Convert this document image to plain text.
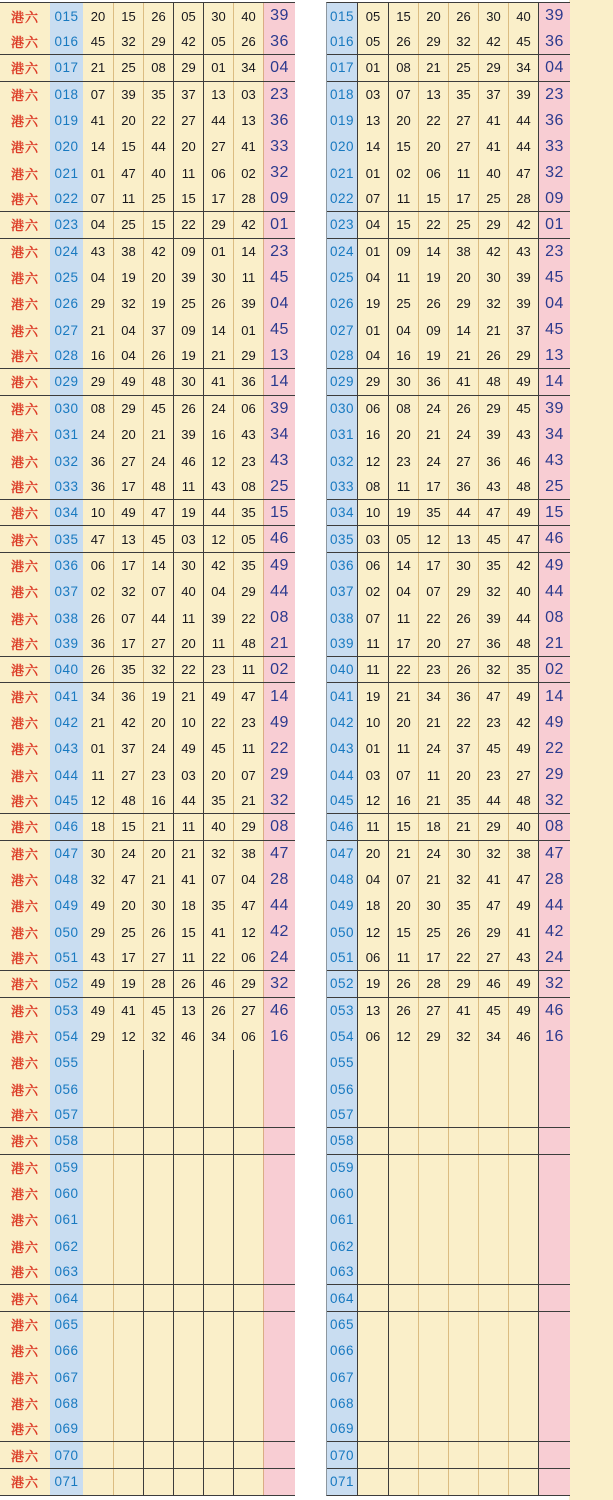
港六	015 20	15	26	05	30	40 39
港六	016 45	32	29	42	05	26 36
港六	017 21	25	08	29	01	34 04
港六	018 07	39	35	37	13	03 23
港六	019 41	20	22	27	44	13 36
港六	020 14	15	44	20	27	41 33
港六	021 01	47	40	11	06	02 32
港六	022 07	11	25	15	17	28 09
港六	023 04	25	15	22	29	42 01
港六	024 43	38	42	09	01	14 23
港六	025 04	19	20	39	30	11 45
港六	026 29	32	19	25	26	39 04
港六	027 21	04	37	09	14	01 45
港六	028 16	04	26	19	21	29 13
港六	029 29	49	48	30	41	36 14
港六	030 08	29	45	26	24	06 39
港六	031 24	20	21	39	16	43 34
港六	032 36	27	24	46	12	23 43
港六	033 36	17	48	11	43	08 25
港六	034 10	49	47	19	44	35 15
港六	035 47	13	45	03	12	05 46
港六	036 06	17	14	30	42	35 49
港六	037 02	32	07	40	04	29 44
港六	038 26	07	44	11	39	22 08
港六	039 36	17	27	20	11	48 21
港六	040 26	35	32	22	23	11 02
港六	041 34	36	19	21	49	47 14
港六	042 21	42	20	10	22	23 49
港六	043 01	37	24	49	45	11 22
港六	044 11	27	23	03	20	07 29
港六	045 12	48	16	44	35	21 32
港六	046 18	15	21	11	40	29 08
港六	047 30	24	20	21	32	38 47
港六	048 32	47	21	41	07	04 28
港六	049 49	20	30	18	35	47 44
港六	050 29	25	26	15	41	12 42
港六	051 43	17	27	11	22	06 24
港六	052 49	19	28	26	46	29 32
港六	053 49	41	45	13	26	27 46
港六	054 29	12	32	46	34	06 16
港六	055
港六	056
港六	057
港六	058
港六	059
港六	060
港六	061
港六	062
港六	063
港六	064
港六	065
港六	066
港六	067
港六	068
港六	069
港六	070
港六	071
015 05	15	20	26	30	40 39
016 05	26	29	32	42	45 36
017 01	08	21	25	29	34 04
018 03	07	13	35	37	39 23
019 13	20	22	27	41	44 36
020 14	15	20	27	41	44 33
021 01	02	06	11	40	47 32
022 07	11	15	17	25	28 09
023 04	15	22	25	29	42 01
024 01	09	14	38	42	43 23
025 04	11	19	20	30	39 45
026 19	25	26	29	32	39 04
027 01	04	09	14	21	37 45
028 04	16	19	21	26	29 13
029 29	30	36	41	48	49 14
030 06	08	24	26	29	45 39
031 16	20	21	24	39	43 34
032 12	23	24	27	36	46 43
033 08	11	17	36	43	48 25
034 10	19	35	44	47	49 15
035 03	05	12	13	45	47 46
036 06	14	17	30	35	42 49
037 02	04	07	29	32	40 44
038 07	11	22	26	39	44 08
039 11	17	20	27	36	48 21
040 11	22	23	26	32	35 02
041 19	21	34	36	47	49 14
042 10	20	21	22	23	42 49
043 01	11	24	37	45	49 22
044 03	07	11	20	23	27 29
045 12	16	21	35	44	48 32
046 11	15	18	21	29	40 08
047 20	21	24	30	32	38 47
048 04	07	21	32	41	47 28
049 18	20	30	35	47	49 44
050 12	15	25	26	29	41 42
051 06	11	17	22	27	43 24
052 19	26	28	29	46	49 32
053 13	26	27	41	45	49 46
054 06	12	29	32	34	46 16
055
056
057
058
059
060
061
062
063
064
065
066
067
068
069
070
071
